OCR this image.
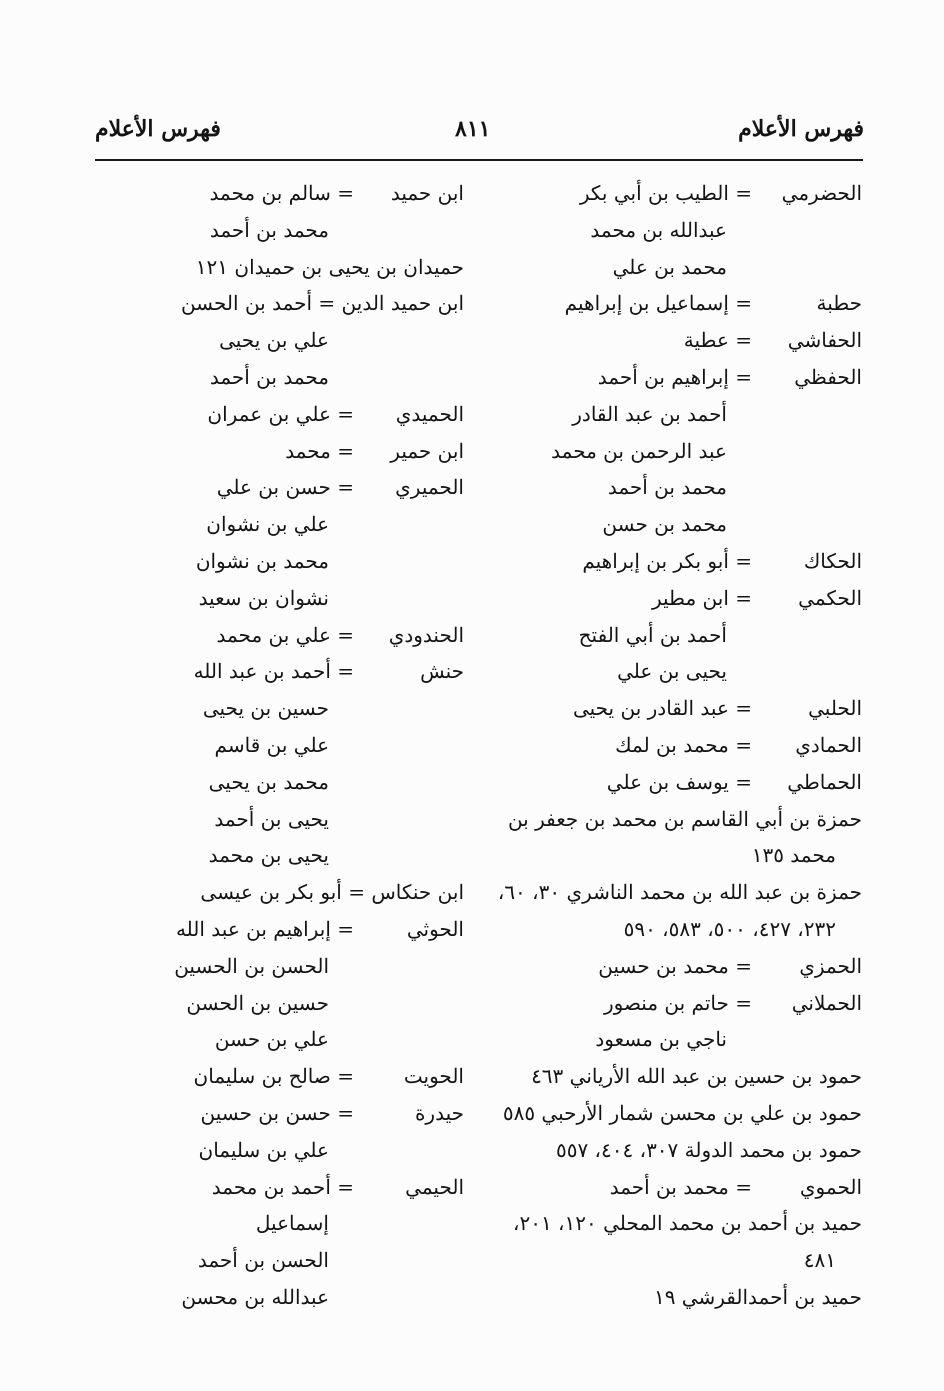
فهرس الأعلام
٨١١
فهرس الأعلام
الحضرمي
= الطيب بن أبي بكر
عبدالله بن محمد
محمد بن علي
حطبة
= إسماعيل بن إبراهيم
الحفاشي
= عطية
الحفظي
= إبراهيم بن أحمد
أحمد بن عبد القادر
عبد الرحمن بن محمد
محمد بن أحمد
محمد بن حسن
الحكاك
= أبو بكر بن إبراهيم
الحكمي
= ابن مطير
أحمد بن أبي الفتح
يحيى بن علي
الحلبي
= عبد القادر بن يحيى
الحمادي
= محمد بن لمك
الحماطي
= يوسف بن علي
حمزة بن أبي القاسم بن محمد بن جعفر بن
محمد ١٣٥
حمزة بن عبد الله بن محمد الناشري ٣٠، ٦٠،
٢٣٢، ٤٢٧، ٥٠٠، ٥٨٣، ٥٩٠
الحمزي
= محمد بن حسين
الحملاني
= حاتم بن منصور
ناجي بن مسعود
حمود بن حسين بن عبد الله الأرياني ٤٦٣
حمود بن علي بن محسن شمار الأرحبي ٥٨٥
حمود بن محمد الدولة ٣٠٧، ٤٠٤، ٥٥٧
الحموي
= محمد بن أحمد
حميد بن أحمد بن محمد المحلي ١٢٠، ٢٠١،
٤٨١
حميد بن أحمدالقرشي ١٩
ابن حميد
= سالم بن محمد
محمد بن أحمد
حميدان بن يحيى بن حميدان ١٢١
ابن حميد الدين = أحمد بن الحسن
علي بن يحيى
محمد بن أحمد
الحميدي
= علي بن عمران
ابن حمير
= محمد
الحميري
= حسن بن علي
علي بن نشوان
محمد بن نشوان
نشوان بن سعيد
الحندودي
= علي بن محمد
حنش
= أحمد بن عبد الله
حسين بن يحيى
علي بن قاسم
محمد بن يحيى
يحيى بن أحمد
يحيى بن محمد
ابن حنكاس = أبو بكر بن عيسى
الحوثي
= إبراهيم بن عبد الله
الحسن بن الحسين
حسين بن الحسن
علي بن حسن
الحويت
= صالح بن سليمان
حيدرة
= حسن بن حسين
علي بن سليمان
الحيمي
= أحمد بن محمد
إسماعيل
الحسن بن أحمد
عبدالله بن محسن
